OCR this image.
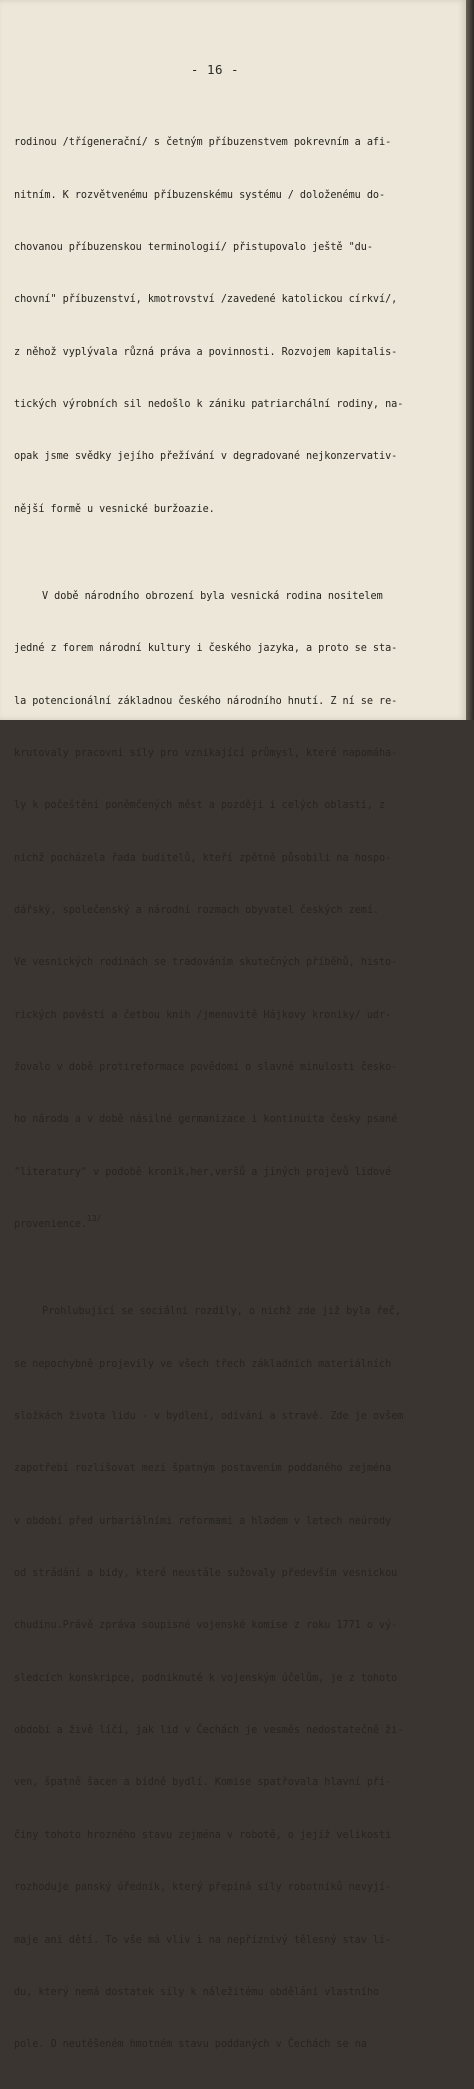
- 16 -

rodinou /třígenerační/ s četným příbuzenstvem pokrevním a afi-

nitním. K rozvětvenému příbuzenskému systému / doloženému do-

chovanou příbuzenskou terminologií/ přistupovalo ještě "du-

chovní" příbuzenství, kmotrovství /zavedené katolickou církví/,

z něhož vyplývala různá práva a povinnosti. Rozvojem kapitalis-

tických výrobních sil nedošlo k zániku patriarchální rodiny, na-

opak jsme svědky jejího přežívání v degradované nejkonzervativ-

nější formě u vesnické buržoazie.

V době národního obrození byla vesnická rodina nositelem

jedné z forem národní kultury i českého jazyka, a proto se sta-

la potencionální základnou českého národního hnutí. Z ní se re-

krutovaly pracovní síly pro vznikající průmysl, které napomáha-

ly k počeštění poněmčených měst a později i celých oblastí, z

nichž pocházela řada buditelů, kteří zpětně působili na hospo-

dářský, společenský a národní rozmach obyvatel českých zemí.

Ve vesnických rodinách se tradováním skutečných příběhů, histo-

rických pověstí a četbou knih /jmenovitě Hájkovy kroniky/ udr-

žovalo v době protireformace povědomí o slavné minulosti česko-

ho národa a v době násilné germanizace i kontinuita česky psané

"literatury" v podobě kronik,her,veršů a jiných projevů lidové

provenience.$^{13/}$

Prohlubující se sociální rozdíly, o nichž zde již byla řeč,

se nepochybně projevily ve všech třech základních materiálních

složkách života lidu - v bydlení, odívání a stravě. Zde je ovšem

zapotřebí rozlišovat mezi špatným postavením poddaného zejména

v období před urbariálními reformami a hladem v letech neúrody

od strádání a bídy, které neustále sužovaly především vesnickou

chudinu.Právě zpráva soupisné vojenské komise z roku 1771 o vý-

sledcích konskripce, podniknuté k vojenským účelům, je z tohoto

období a živě líčí, jak lid v Čechách je vesměs nedostatečně ži-

ven, špatně šacen a bídně bydlí. Komise spatřovala hlavní pří-

činy tohoto hrozného stavu zejména v robotě, o jejíž velikosti

rozhoduje panský úředník, který přepíná síly robotníků nevyjí-

maje ani dětí. To vše má vliv i na nepříznivý tělesný stav li-

du, který nemá dostatek síly k náležitému obdělání vlastního

pole. O neutěšeném hmotném stavu poddaných v Čechách se na
